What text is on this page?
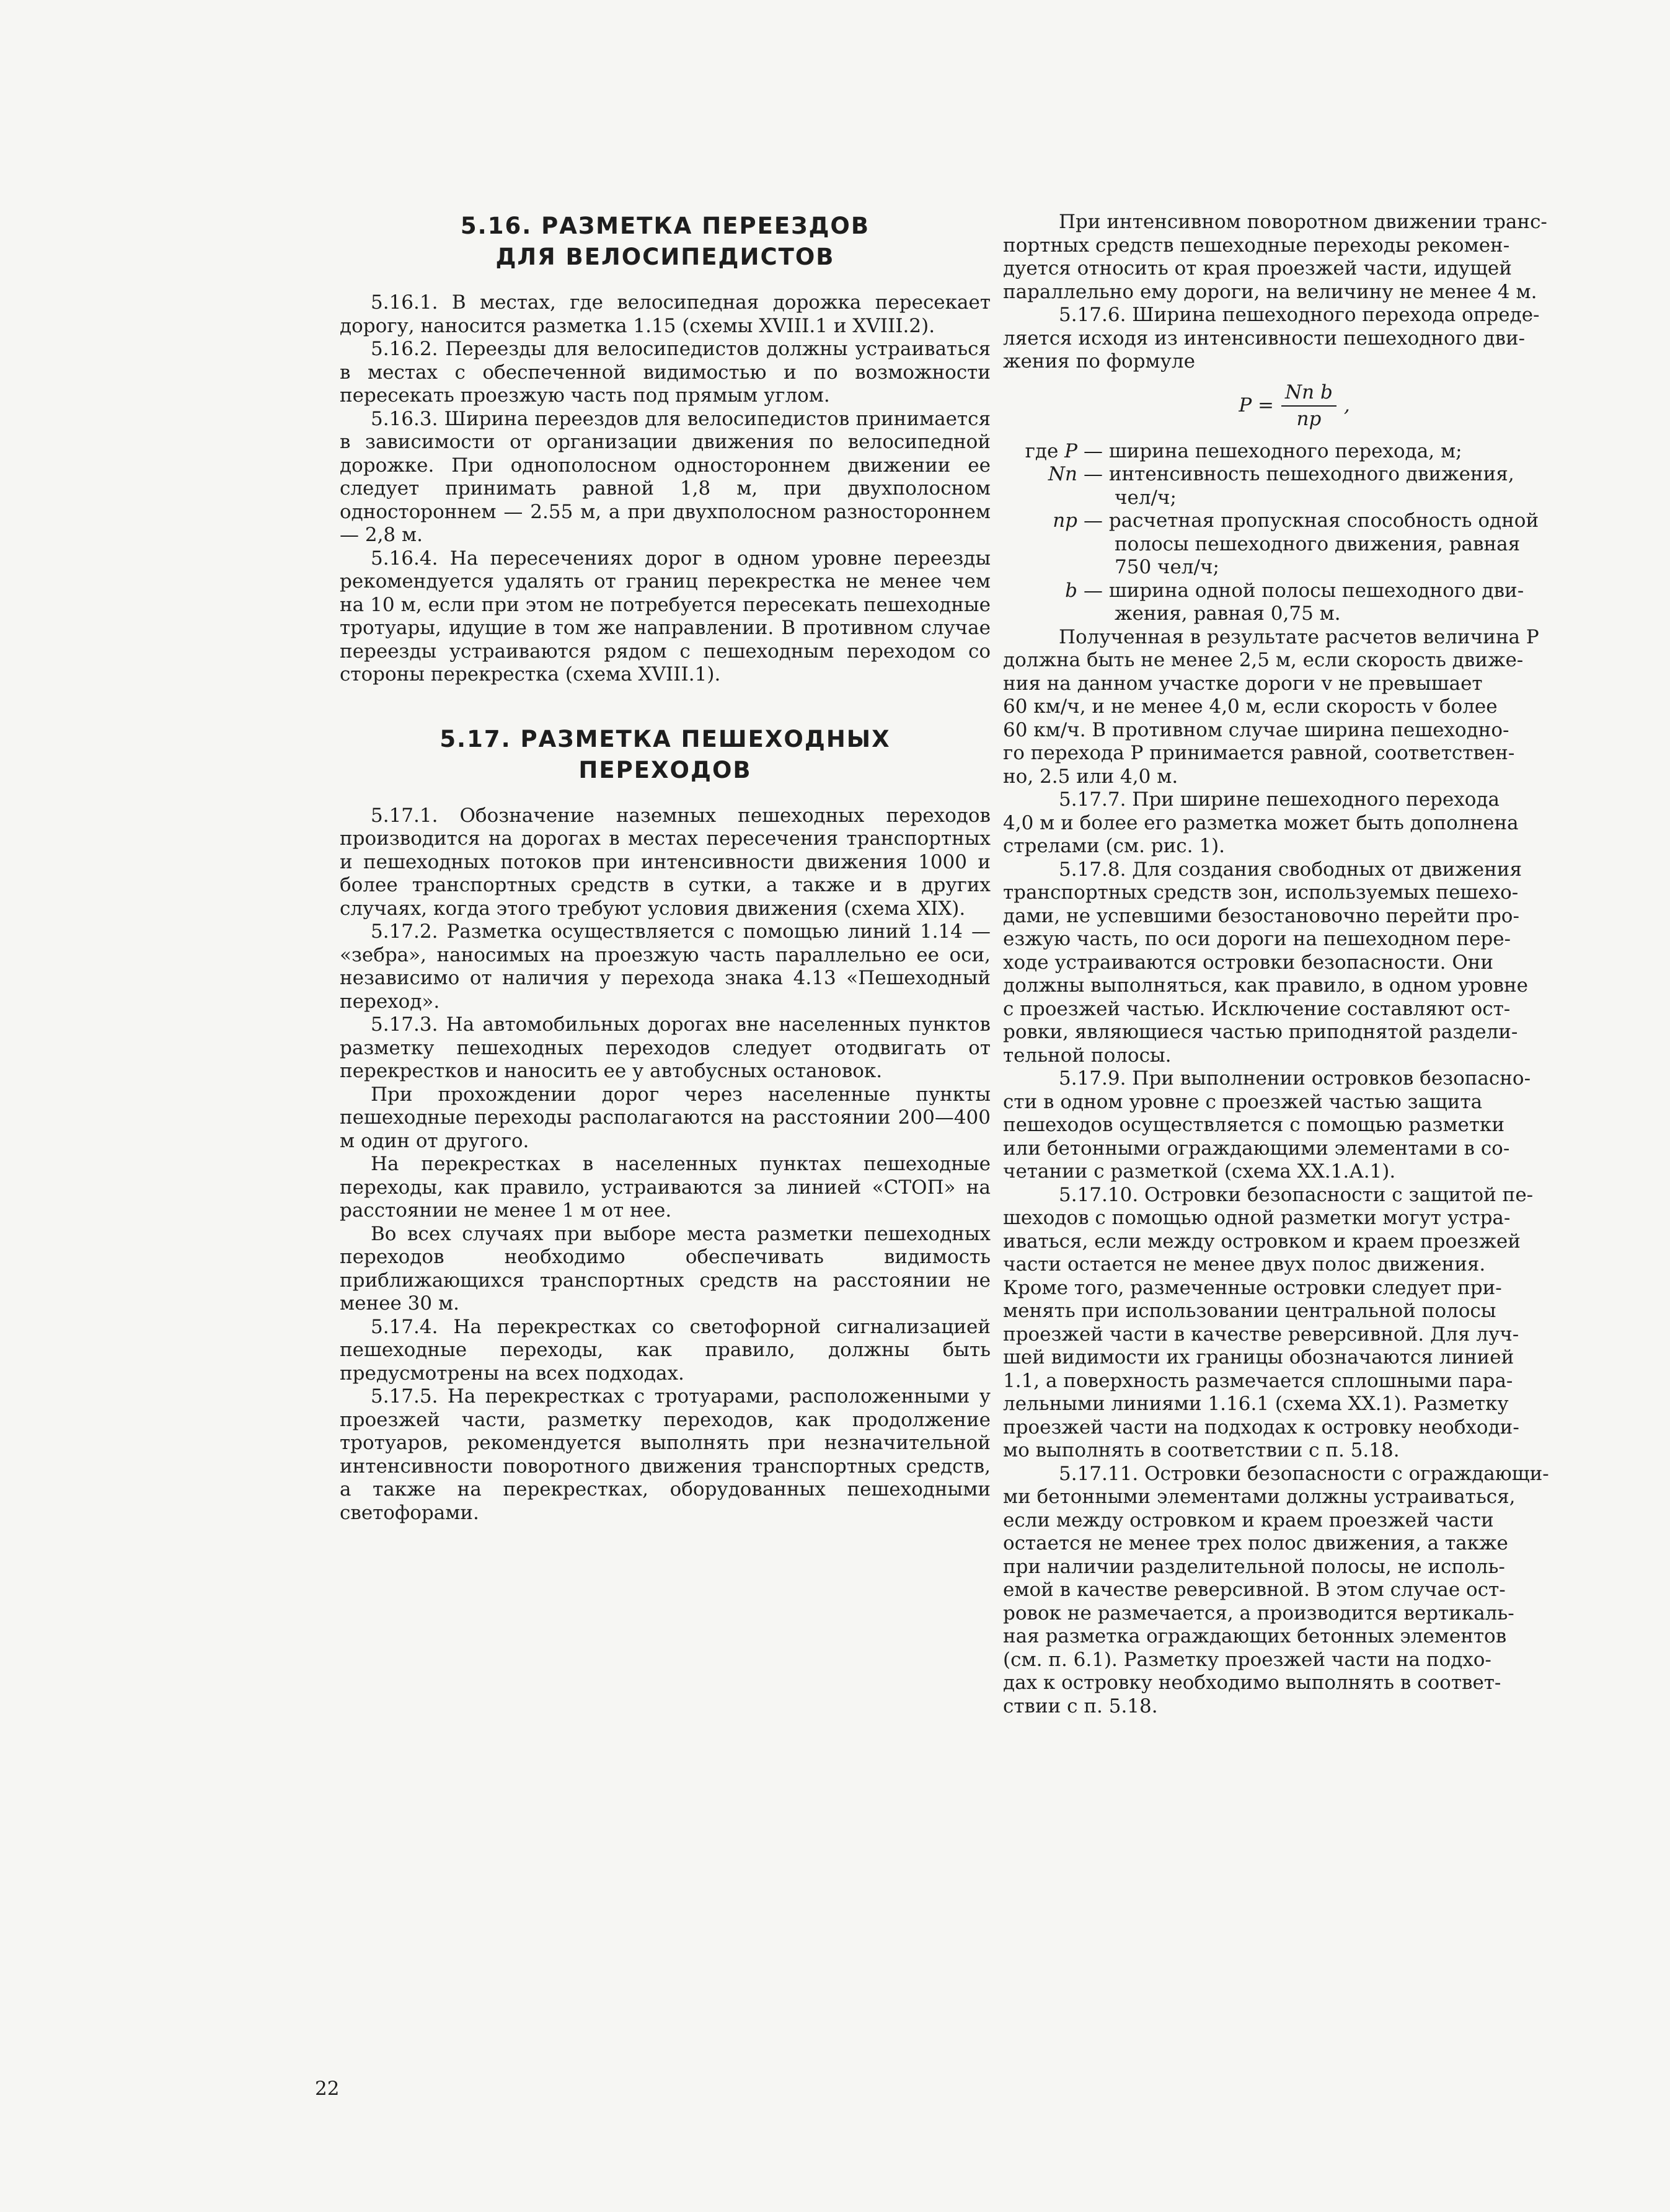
5.16. РАЗМЕТКА ПЕРЕЕЗДОВ
ДЛЯ ВЕЛОСИПЕДИСТОВ

5.16.1. В местах, где велосипедная дорожка пересекает дорогу, наносится разметка 1.15 (схемы XVIII.1 и XVIII.2).

5.16.2. Переезды для велосипедистов должны устраиваться в местах с обеспеченной видимостью и по возможности пересекать проезжую часть под прямым углом.

5.16.3. Ширина переездов для велосипедистов принимается в зависимости от организации движения по велосипедной дорожке. При однополосном одностороннем движении ее следует принимать равной 1,8 м, при двухполосном одностороннем — 2.55 м, а при двухполосном разностороннем — 2,8 м.

5.16.4. На пересечениях дорог в одном уровне переезды рекомендуется удалять от границ перекрестка не менее чем на 10 м, если при этом не потребуется пересекать пешеходные тротуары, идущие в том же направлении. В противном случае переезды устраиваются рядом с пешеходным переходом со стороны перекрестка (схема XVIII.1).

5.17. РАЗМЕТКА ПЕШЕХОДНЫХ
ПЕРЕХОДОВ

5.17.1. Обозначение наземных пешеходных переходов производится на дорогах в местах пересечения транспортных и пешеходных потоков при интенсивности движения 1000 и более транспортных средств в сутки, а также и в других случаях, когда этого требуют условия движения (схема XIX).

5.17.2. Разметка осуществляется с помощью линий 1.14 — «зебра», наносимых на проезжую часть параллельно ее оси, независимо от наличия у перехода знака 4.13 «Пешеходный переход».

5.17.3. На автомобильных дорогах вне населенных пунктов разметку пешеходных переходов следует отодвигать от перекрестков и наносить ее у автобусных остановок.

При прохождении дорог через населенные пункты пешеходные переходы располагаются на расстоянии 200—400 м один от другого.

На перекрестках в населенных пунктах пешеходные переходы, как правило, устраиваются за линией «СТОП» на расстоянии не менее 1 м от нее.

Во всех случаях при выборе места разметки пешеходных переходов необходимо обеспечивать видимость приближающихся транспортных средств на расстоянии не менее 30 м.

5.17.4. На перекрестках со светофорной сигнализацией пешеходные переходы, как правило, должны быть предусмотрены на всех подходах.

5.17.5. На перекрестках с тротуарами, расположенными у проезжей части, разметку переходов, как продолжение тротуаров, рекомендуется выполнять при незначительной интенсивности поворотного движения транспортных средств, а также на перекрестках, оборудованных пешеходными светофорами.

22

При интенсивном поворотном движении транс-

портных средств пешеходные переходы рекомен-

дуется относить от края проезжей части, идущей

параллельно ему дороги, на величину не менее 4 м.

5.17.6. Ширина пешеходного перехода опреде-

ляется исходя из интенсивности пешеходного дви-

жения по формуле

$P = \frac{\text{Nп b}}{nр}$ ,
где P — ширина пешеходного перехода, м;
Nп — интенсивность пешеходного движения,
чел/ч;
nр — расчетная пропускная способность одной
полосы пешеходного движения, равная
750 чел/ч;
b — ширина одной полосы пешеходного дви-
жения, равная 0,75 м.

Полученная в результате расчетов величина P

должна быть не менее 2,5 м, если скорость движе-

ния на данном участке дороги v не превышает

60 км/ч, и не менее 4,0 м, если скорость v более

60 км/ч. В противном случае ширина пешеходно-

го перехода P принимается равной, соответствен-

но, 2.5 или 4,0 м.

5.17.7. При ширине пешеходного перехода

4,0 м и более его разметка может быть дополнена

стрелами (см. рис. 1).

5.17.8. Для создания свободных от движения

транспортных средств зон, используемых пешехо-

дами, не успевшими безостановочно перейти про-

езжую часть, по оси дороги на пешеходном пере-

ходе устраиваются островки безопасности. Они

должны выполняться, как правило, в одном уровне

с проезжей частью. Исключение составляют ост-

ровки, являющиеся частью приподнятой раздели-

тельной полосы.

5.17.9. При выполнении островков безопасно-

сти в одном уровне с проезжей частью защита

пешеходов осуществляется с помощью разметки

или бетонными ограждающими элементами в со-

четании с разметкой (схема XX.1.А.1).

5.17.10. Островки безопасности с защитой пе-

шеходов с помощью одной разметки могут устра-

иваться, если между островком и краем проезжей

части остается не менее двух полос движения.

Кроме того, размеченные островки следует при-

менять при использовании центральной полосы

проезжей части в качестве реверсивной. Для луч-

шей видимости их границы обозначаются линией

1.1, а поверхность размечается сплошными пара-

лельными линиями 1.16.1 (схема XX.1). Разметку

проезжей части на подходах к островку необходи-

мо выполнять в соответствии с п. 5.18.

5.17.11. Островки безопасности с ограждающи-

ми бетонными элементами должны устраиваться,

если между островком и краем проезжей части

остается не менее трех полос движения, а также

при наличии разделительной полосы, не исполь-

емой в качестве реверсивной. В этом случае ост-

ровок не размечается, а производится вертикаль-

ная разметка ограждающих бетонных элементов

(см. п. 6.1). Разметку проезжей части на подхо-

дах к островку необходимо выполнять в соответ-

ствии с п. 5.18.
